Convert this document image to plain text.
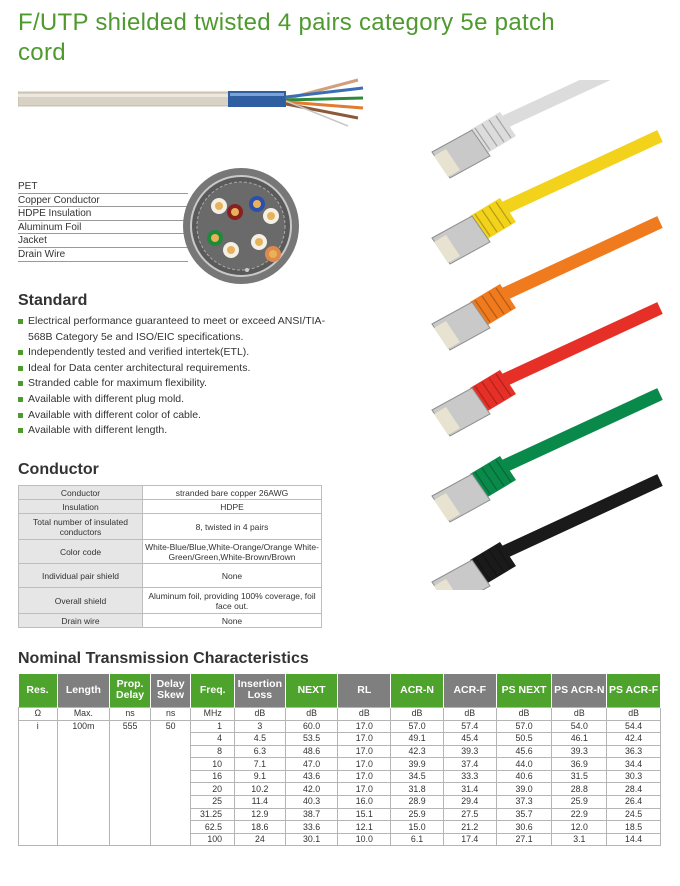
F/UTP shielded twisted 4 pairs category 5e patch cord
PET
Copper Conductor
HDPE Insulation
Aluminum Foil
Jacket
Drain Wire
Standard
Electrical performance guaranteed to meet or exceed ANSI/TIA-568B Category 5e and ISO/EIC specifications.
Independently tested and verified intertek(ETL).
Ideal for Data center architectural requirements.
Stranded cable for maximum flexibility.
Available with different plug mold.
Available with different color of cable.
Available with different length.
Conductor
Conductor	stranded bare copper 26AWG
Insulation	HDPE
Total number of insulated conductors	8, twisted in 4 pairs
Color code	White-Blue/Blue,White-Orange/Orange White-Green/Green,White-Brown/Brown
Individual pair shield	None
Overall shield	Aluminum foil, providing 100% coverage, foil face out.
Drain wire	None
Nominal Transmission Characteristics
Res.	Length	Prop. Delay	Delay Skew	Freq.	Insertion Loss	NEXT	RL	ACR-N	ACR-F	PS NEXT	PS ACR-N	PS ACR-F
Ω	Max.	ns	ns	MHz	dB	dB	dB	dB	dB	dB	dB	dB
i	100m	555	50	1	3	60.0	17.0	57.0	57.4	57.0	54.0	54.4
				4	4.5	53.5	17.0	49.1	45.4	50.5	46.1	42.4
				8	6.3	48.6	17.0	42.3	39.3	45.6	39.3	36.3
				10	7.1	47.0	17.0	39.9	37.4	44.0	36.9	34.4
				16	9.1	43.6	17.0	34.5	33.3	40.6	31.5	30.3
				20	10.2	42.0	17.0	31.8	31.4	39.0	28.8	28.4
				25	11.4	40.3	16.0	28.9	29.4	37.3	25.9	26.4
				31.25	12.9	38.7	15.1	25.9	27.5	35.7	22.9	24.5
				62.5	18.6	33.6	12.1	15.0	21.2	30.6	12.0	18.5
				100	24	30.1	10.0	6.1	17.4	27.1	3.1	14.4
